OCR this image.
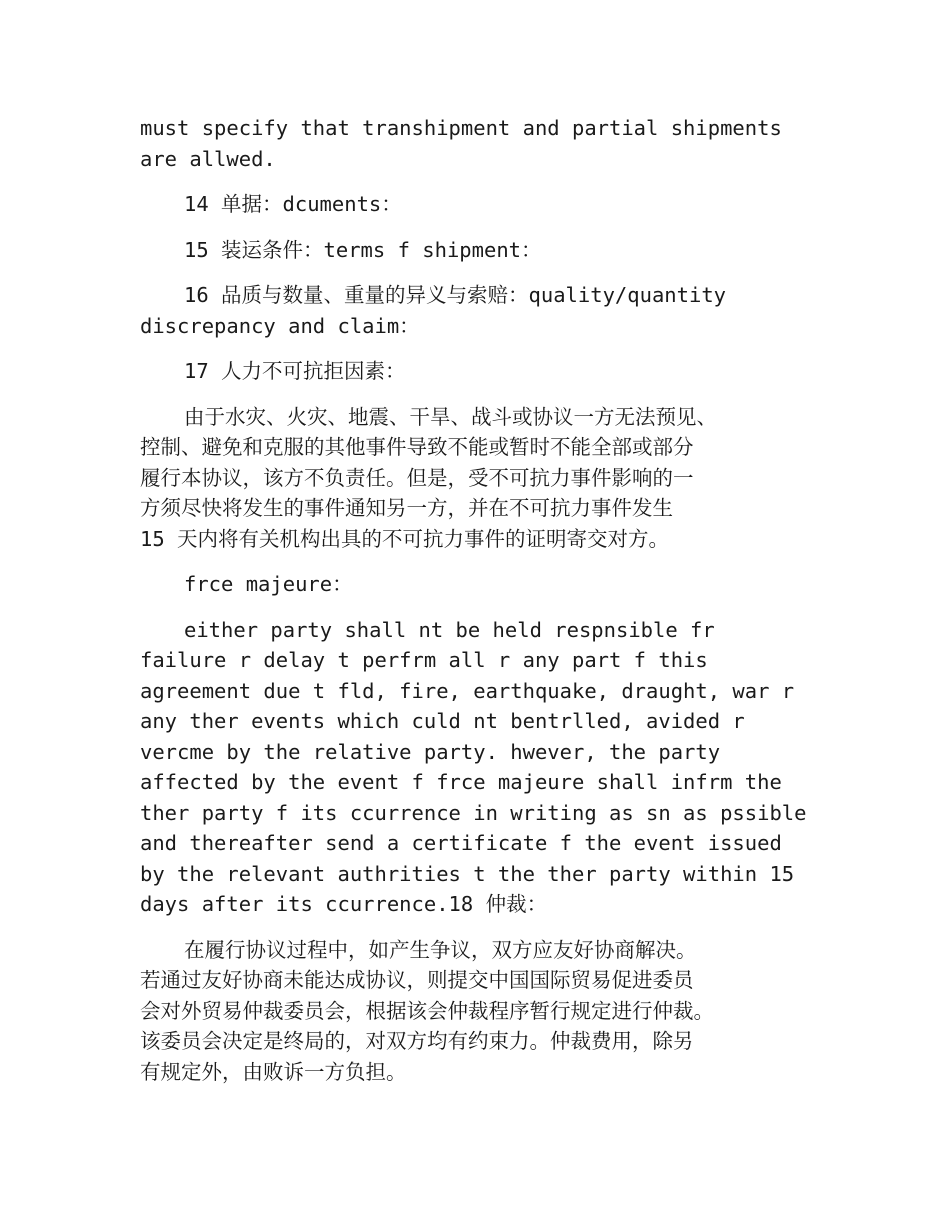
must specify that transhipment and partial shipments
are allwed.
14 单据：dcuments：
15 装运条件：terms f shipment：
16 品质与数量、重量的异义与索赔：quality/quantity
discrepancy and claim：
17 人力不可抗拒因素：
由于水灾、火灾、地震、干旱、战斗或协议一方无法预见、
控制、避免和克服的其他事件导致不能或暂时不能全部或部分
履行本协议，该方不负责任。但是，受不可抗力事件影响的一
方须尽快将发生的事件通知另一方，并在不可抗力事件发生
15 天内将有关机构出具的不可抗力事件的证明寄交对方。
frce majeure：
either party shall nt be held respnsible fr
failure r delay t perfrm all r any part f this
agreement due t fld, fire, earthquake, draught, war r
any ther events which culd nt bentrlled, avided r
vercme by the relative party. hwever, the party
affected by the event f frce majeure shall infrm the
ther party f its ccurrence in writing as sn as pssible
and thereafter send a certificate f the event issued
by the relevant authrities t the ther party within 15
days after its ccurrence.18 仲裁：
在履行协议过程中，如产生争议，双方应友好协商解决。
若通过友好协商未能达成协议，则提交中国国际贸易促进委员
会对外贸易仲裁委员会，根据该会仲裁程序暂行规定进行仲裁。
该委员会决定是终局的，对双方均有约束力。仲裁费用，除另
有规定外，由败诉一方负担。
